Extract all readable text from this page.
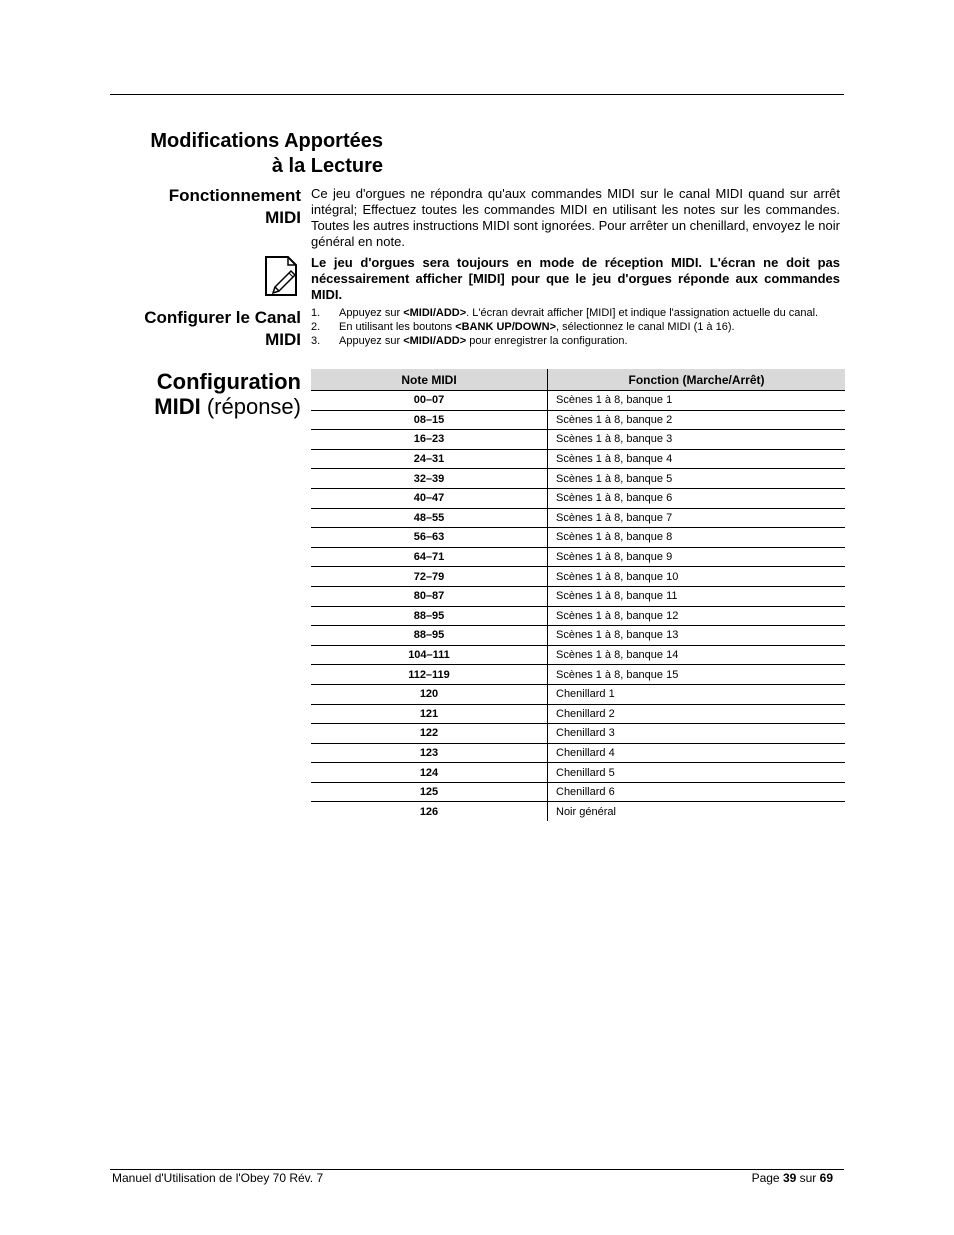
Modifications Apportées
à la Lecture
Fonctionnement
MIDI
Ce jeu d'orgues ne répondra qu'aux commandes MIDI sur le canal MIDI quand sur arrêt intégral; Effectuez toutes les commandes MIDI en utilisant les notes sur les commandes. Toutes les autres instructions MIDI sont ignorées. Pour arrêter un chenillard, envoyez le noir général en note.
Le jeu d'orgues sera toujours en mode de réception MIDI. L'écran ne doit pas nécessairement afficher [MIDI] pour que le jeu d'orgues réponde aux commandes MIDI.
Configurer le Canal
MIDI
1.	Appuyez sur <MIDI/ADD>. L'écran devrait afficher [MIDI] et indique l'assignation actuelle du canal.
2.	En utilisant les boutons <BANK UP/DOWN>, sélectionnez le canal MIDI (1 à 16).
3.	Appuyez sur <MIDI/ADD> pour enregistrer la configuration.
Configuration
MIDI (réponse)
Note MIDI	Fonction (Marche/Arrêt)
00–07	Scènes 1 à 8, banque 1
08–15	Scènes 1 à 8, banque 2
16–23	Scènes 1 à 8, banque 3
24–31	Scènes 1 à 8, banque 4
32–39	Scènes 1 à 8, banque 5
40–47	Scènes 1 à 8, banque 6
48–55	Scènes 1 à 8, banque 7
56–63	Scènes 1 à 8, banque 8
64–71	Scènes 1 à 8, banque 9
72–79	Scènes 1 à 8, banque 10
80–87	Scènes 1 à 8, banque 11
88–95	Scènes 1 à 8, banque 12
88–95	Scènes 1 à 8, banque 13
104–111	Scènes 1 à 8, banque 14
112–119	Scènes 1 à 8, banque 15
120	Chenillard 1
121	Chenillard 2
122	Chenillard 3
123	Chenillard 4
124	Chenillard 5
125	Chenillard 6
126	Noir général
Manuel d'Utilisation de l'Obey 70 Rév. 7	Page 39 sur 69
